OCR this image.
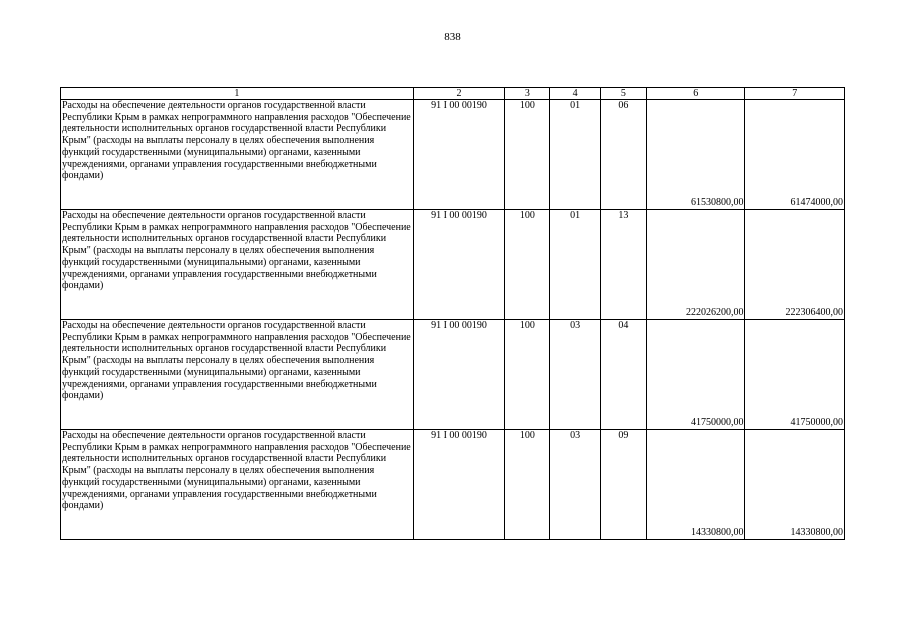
838
1	2	3	4	5	6	7
Расходы на обеспечение деятельности органов государственной власти Республики Крым в рамках непрограммного направления расходов "Обеспечение деятельности исполнительных органов государственной власти Республики Крым" (расходы на выплаты персоналу в целях обеспечения выполнения функций государственными (муниципальными) органами, казенными учреждениями, органами управления государственными внебюджетными фондами)	91 I 00 00190	100	01	06	61530800,00	61474000,00
Расходы на обеспечение деятельности органов государственной власти Республики Крым в рамках непрограммного направления расходов "Обеспечение деятельности исполнительных органов государственной власти Республики Крым" (расходы на выплаты персоналу в целях обеспечения выполнения функций государственными (муниципальными) органами, казенными учреждениями, органами управления государственными внебюджетными фондами)	91 I 00 00190	100	01	13	222026200,00	222306400,00
Расходы на обеспечение деятельности органов государственной власти Республики Крым в рамках непрограммного направления расходов "Обеспечение деятельности исполнительных органов государственной власти Республики Крым" (расходы на выплаты персоналу в целях обеспечения выполнения функций государственными (муниципальными) органами, казенными учреждениями, органами управления государственными внебюджетными фондами)	91 I 00 00190	100	03	04	41750000,00	41750000,00
Расходы на обеспечение деятельности органов государственной власти Республики Крым в рамках непрограммного направления расходов "Обеспечение деятельности исполнительных органов государственной власти Республики Крым" (расходы на выплаты персоналу в целях обеспечения выполнения функций государственными (муниципальными) органами, казенными учреждениями, органами управления государственными внебюджетными фондами)	91 I 00 00190	100	03	09	14330800,00	14330800,00
